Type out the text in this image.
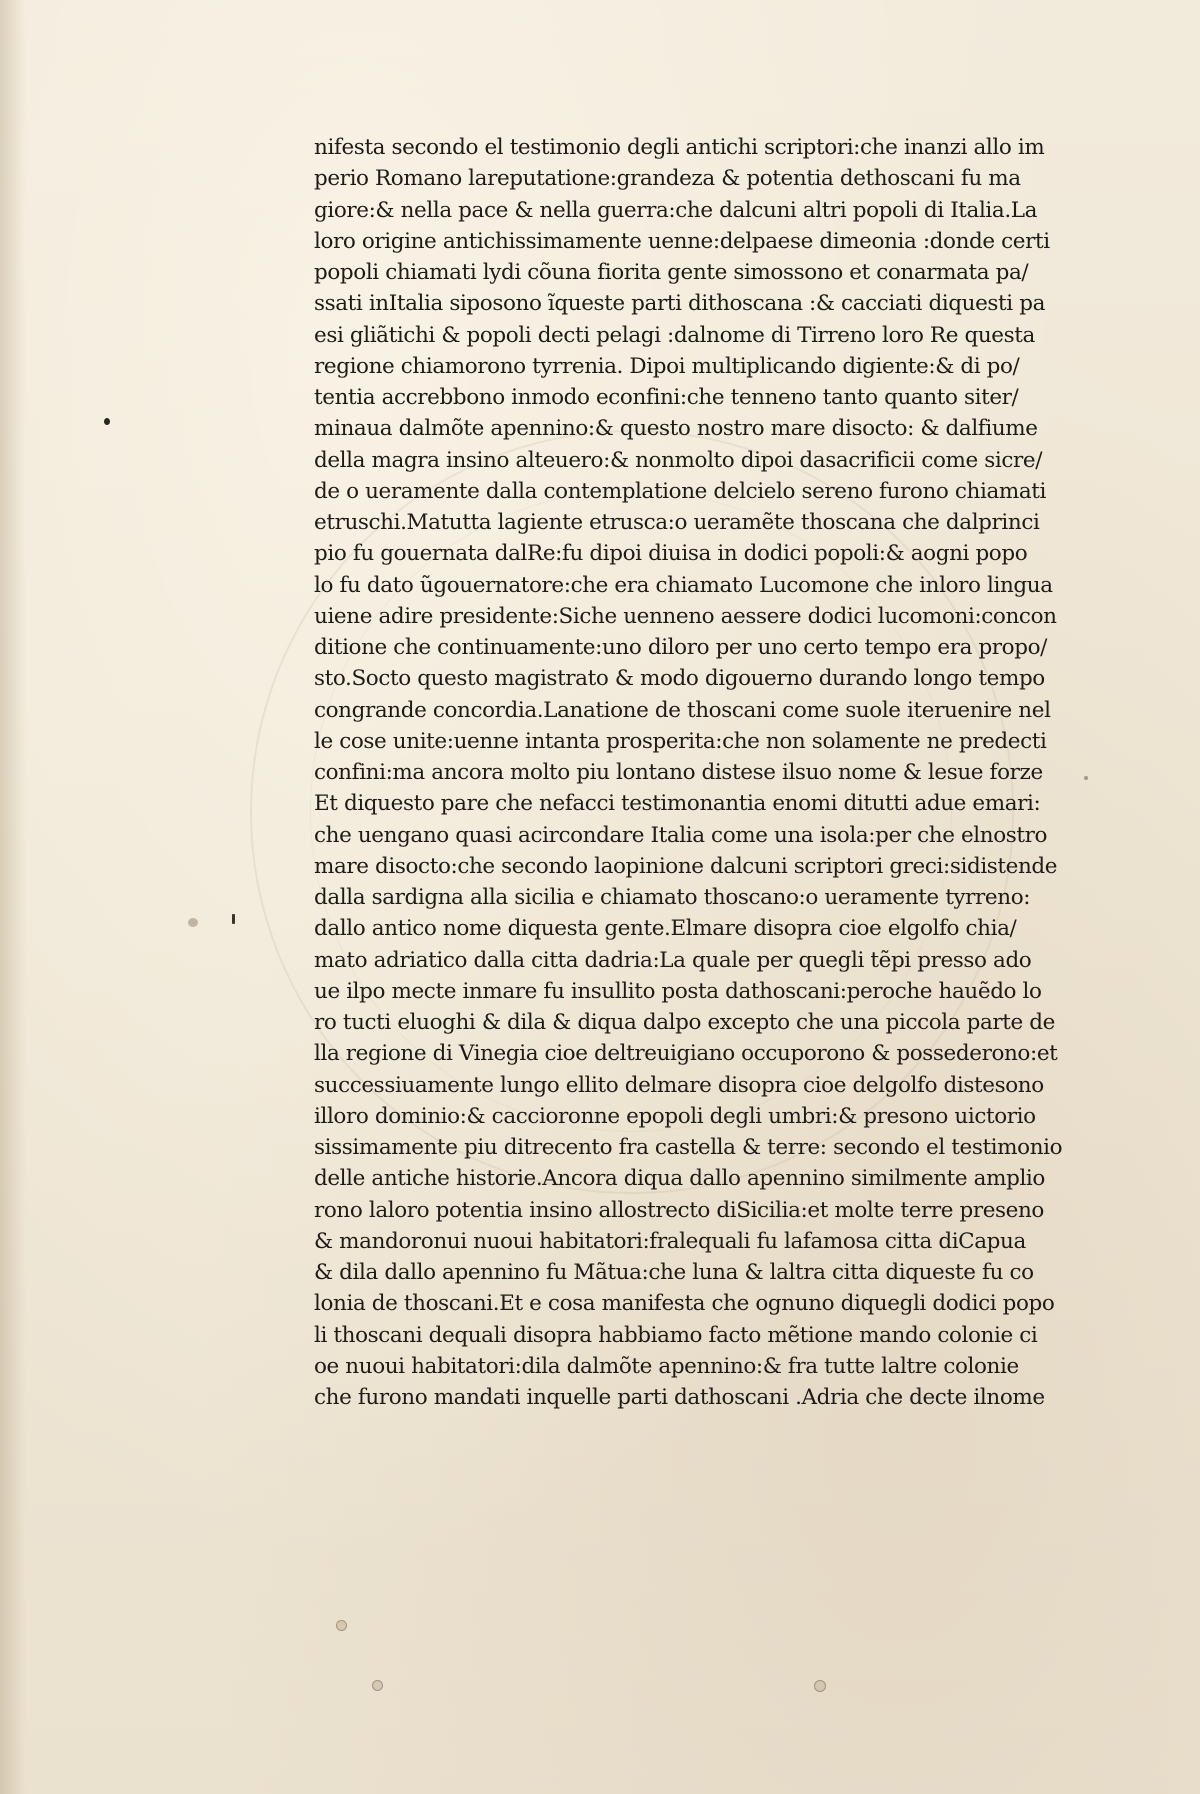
nifesta secondo el testimonio degli antichi scriptori:che inanzi allo im
perio Romano lareputatione:grandeza & potentia dethoscani fu ma
giore:& nella pace & nella guerra:che dalcuni altri popoli di Italia.La
loro origine antichissimamente uenne:delpaese dimeonia :donde certi
popoli chiamati lydi cõuna fiorita gente simossono et conarmata pa/
ssati inItalia siposono ĩqueste parti dithoscana :& cacciati diquesti pa
esi gliãtichi & popoli decti pelagi :dalnome di Tirreno loro Re questa
regione chiamorono tyrrenia. Dipoi multiplicando digiente:& di po/
tentia accrebbono inmodo econfini:che tenneno tanto quanto siter/
minaua dalmõte apennino:& questo nostro mare disocto: & dalfiume
della magra insino alteuero:& nonmolto dipoi dasacrificii come sicre/
de o ueramente dalla contemplatione delcielo sereno furono chiamati
etruschi.Matutta lagiente etrusca:o ueramẽte thoscana che dalprinci
pio fu gouernata dalRe:fu dipoi diuisa in dodici popoli:& aogni popo
lo fu dato ũgouernatore:che era chiamato Lucomone che inloro lingua
uiene adire presidente:Siche uenneno aessere dodici lucomoni:concon
ditione che continuamente:uno diloro per uno certo tempo era propo/
sto.Socto questo magistrato & modo digouerno durando longo tempo
congrande concordia.Lanatione de thoscani come suole iteruenire nel
le cose unite:uenne intanta prosperita:che non solamente ne predecti
confini:ma ancora molto piu lontano distese ilsuo nome & lesue forze
Et diquesto pare che nefacci testimonantia enomi ditutti adue emari:
che uengano quasi acircondare Italia come una isola:per che elnostro
mare disocto:che secondo laopinione dalcuni scriptori greci:sidistende
dalla sardigna alla sicilia e chiamato thoscano:o ueramente tyrreno:
dallo antico nome diquesta gente.Elmare disopra cioe elgolfo chia/
mato adriatico dalla citta dadria:La quale per quegli tẽpi presso ado
ue ilpo mecte inmare fu insullito posta dathoscani:peroche hauẽdo lo
ro tucti eluoghi & dila & diqua dalpo excepto che una piccola parte de
lla regione di Vinegia cioe deltreuigiano occuporono & possederono:et
successiuamente lungo ellito delmare disopra cioe delgolfo distesono
illoro dominio:& caccioronne epopoli degli umbri:& presono uictorio
sissimamente piu ditrecento fra castella & terre: secondo el testimonio
delle antiche historie.Ancora diqua dallo apennino similmente amplio
rono laloro potentia insino allostrecto diSicilia:et molte terre preseno
& mandoronui nuoui habitatori:fralequali fu lafamosa citta diCapua
& dila dallo apennino fu Mãtua:che luna & laltra citta diqueste fu co
lonia de thoscani.Et e cosa manifesta che ognuno diquegli dodici popo
li thoscani dequali disopra habbiamo facto mẽtione mando colonie ci
oe nuoui habitatori:dila dalmõte apennino:& fra tutte laltre colonie
che furono mandati inquelle parti dathoscani .Adria che decte ilnome
